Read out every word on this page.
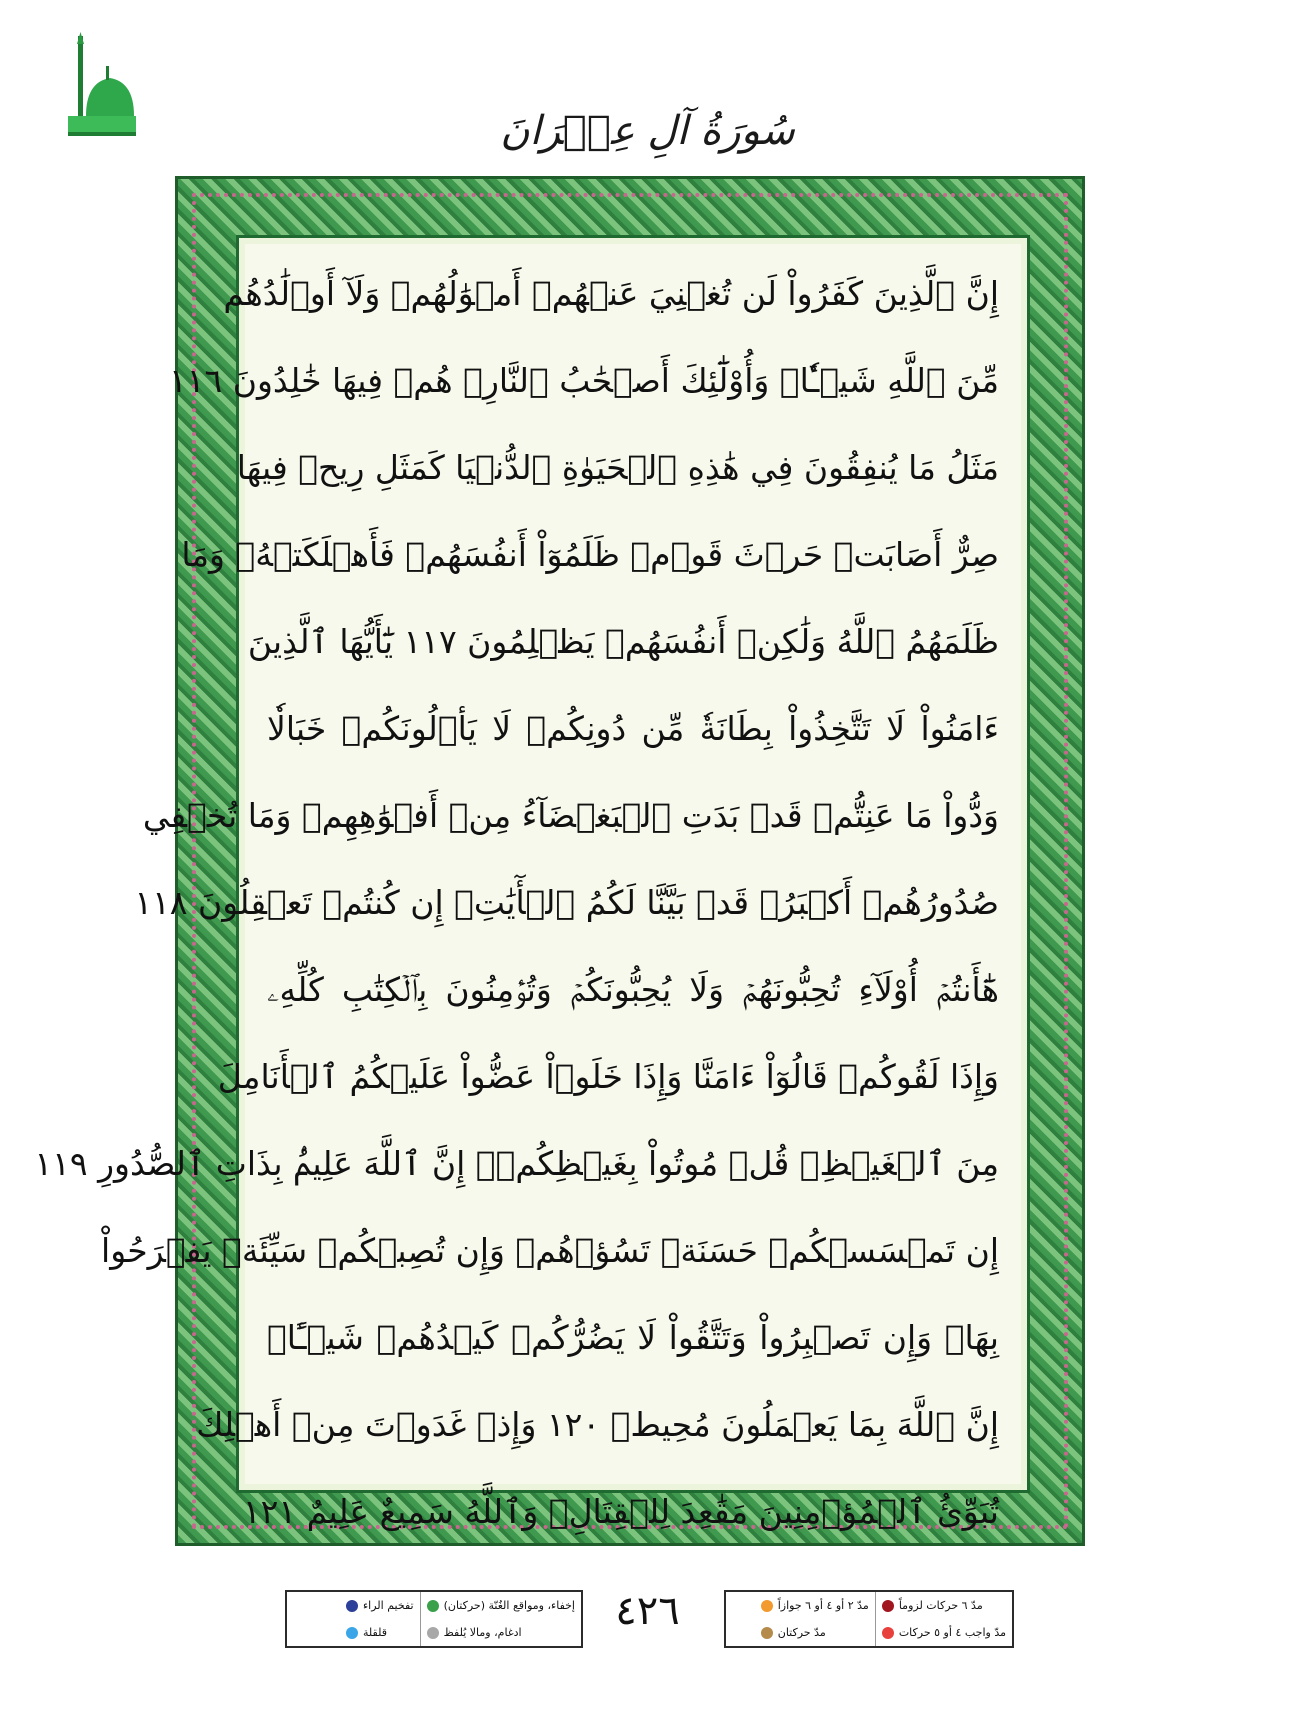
سُورَةُ آلِ عِمۡرَانَ
إِنَّ ٱلَّذِينَ كَفَرُواْ لَن تُغۡنِيَ عَنۡهُمۡ أَمۡوَٰلُهُمۡ وَلَآ أَوۡلَٰدُهُم
مِّنَ ٱللَّهِ شَيۡـٔٗاۖ وَأُوْلَٰٓئِكَ أَصۡحَٰبُ ٱلنَّارِۚ هُمۡ فِيهَا خَٰلِدُونَ ١١٦
مَثَلُ مَا يُنفِقُونَ فِي هَٰذِهِ ٱلۡحَيَوٰةِ ٱلدُّنۡيَا كَمَثَلِ رِيحٖ فِيهَا
صِرٌّ أَصَابَتۡ حَرۡثَ قَوۡمٖ ظَلَمُوٓاْ أَنفُسَهُمۡ فَأَهۡلَكَتۡهُۚ وَمَا
ظَلَمَهُمُ ٱللَّهُ وَلَٰكِنۡ أَنفُسَهُمۡ يَظۡلِمُونَ ١١٧ يَٰٓأَيُّهَا ٱلَّذِينَ
ءَامَنُواْ لَا تَتَّخِذُواْ بِطَانَةٗ مِّن دُونِكُمۡ لَا يَأۡلُونَكُمۡ خَبَالٗا
وَدُّواْ مَا عَنِتُّمۡ قَدۡ بَدَتِ ٱلۡبَغۡضَآءُ مِنۡ أَفۡوَٰهِهِمۡ وَمَا تُخۡفِي
صُدُورُهُمۡ أَكۡبَرُۚ قَدۡ بَيَّنَّا لَكُمُ ٱلۡأٓيَٰتِۖ إِن كُنتُمۡ تَعۡقِلُونَ ١١٨
هَٰٓأَنتُمۡ أُوْلَآءِ تُحِبُّونَهُمۡ وَلَا يُحِبُّونَكُمۡ وَتُؤۡمِنُونَ بِٱلۡكِتَٰبِ كُلِّهِۦ
وَإِذَا لَقُوكُمۡ قَالُوٓاْ ءَامَنَّا وَإِذَا خَلَوۡاْ عَضُّواْ عَلَيۡكُمُ ٱلۡأَنَامِلَ
مِنَ ٱلۡغَيۡظِۚ قُلۡ مُوتُواْ بِغَيۡظِكُمۡۗ إِنَّ ٱللَّهَ عَلِيمُۢ بِذَاتِ ٱلصُّدُورِ ١١٩
إِن تَمۡسَسۡكُمۡ حَسَنَةٞ تَسُؤۡهُمۡ وَإِن تُصِبۡكُمۡ سَيِّئَةٞ يَفۡرَحُواْ
بِهَاۖ وَإِن تَصۡبِرُواْ وَتَتَّقُواْ لَا يَضُرُّكُمۡ كَيۡدُهُمۡ شَيۡـًٔاۗ
إِنَّ ٱللَّهَ بِمَا يَعۡمَلُونَ مُحِيطٞ ١٢٠ وَإِذۡ غَدَوۡتَ مِنۡ أَهۡلِكَ
تُبَوِّئُ ٱلۡمُؤۡمِنِينَ مَقَٰعِدَ لِلۡقِتَالِۗ وَٱللَّهُ سَمِيعٌ عَلِيمٌ ١٢١
مدّ ٦ حركات لزوماً
مدّ واجب ٤ أو ٥ حركات
مدّ ٢ أو ٤ أو ٦ جوازاً
مدّ حركتان
٤٢٦
إخفاء، ومواقع الغُنّة (حركتان)
ادغام، ومالا يُلفظ
تفخيم الراء
قلقلة
